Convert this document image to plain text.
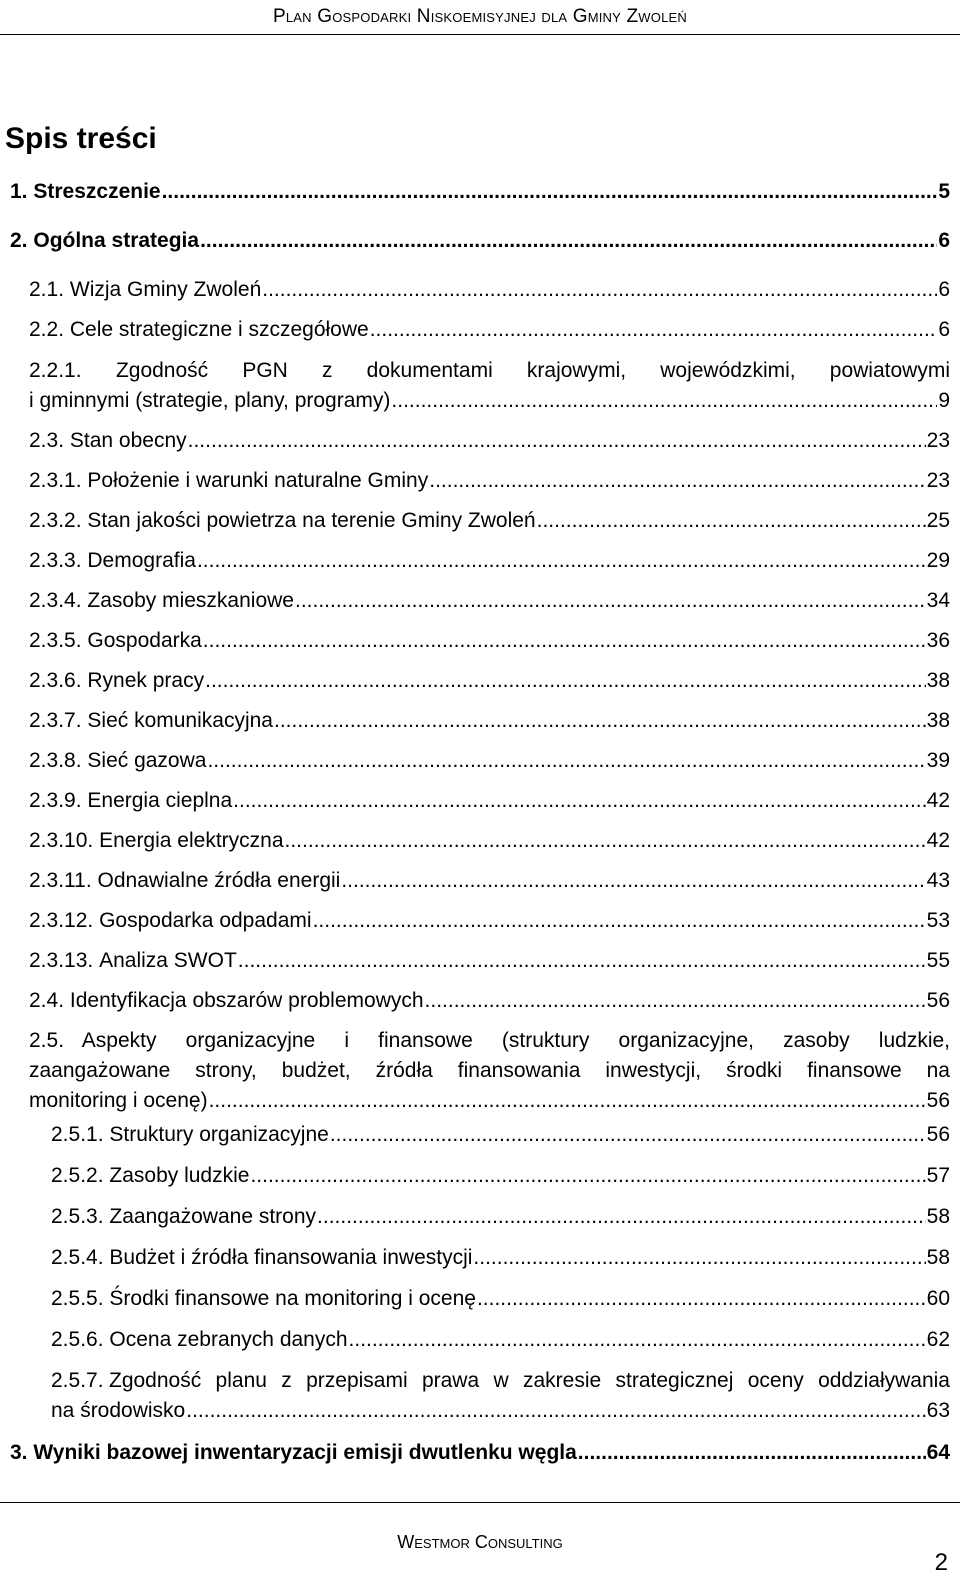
Plan Gospodarki Niskoemisyjnej dla Gminy Zwoleń
Spis treści
1.
Streszczenie .....	5
2.
Ogólna strategia .....	6
2.1.
Wizja Gminy Zwoleń .....	6
2.2.
Cele strategiczne i szczegółowe .....	6
2.2.1.	Zgodność PGN z dokumentami krajowymi, wojewódzkimi, powiatowymi
i gminnymi (strategie, plany, programy) .....	9
2.3.
Stan obecny .....	23
2.3.1.
Położenie i warunki naturalne Gminy .....	23
2.3.2.
Stan jakości powietrza na terenie Gminy Zwoleń .....	25
2.3.3.
Demografia .....	29
2.3.4.
Zasoby mieszkaniowe .....	34
2.3.5.
Gospodarka .....	36
2.3.6.
Rynek pracy .....	38
2.3.7.
Sieć komunikacyjna .....	38
2.3.8.
Sieć gazowa .....	39
2.3.9.
Energia cieplna .....	42
2.3.10.
Energia elektryczna .....	42
2.3.11.
Odnawialne źródła energii .....	43
2.3.12.
Gospodarka odpadami .....	53
2.3.13.
Analiza SWOT .....	55
2.4.
Identyfikacja obszarów problemowych .....	56
2.5. Aspekty organizacyjne i finansowe (struktury organizacyjne, zasoby ludzkie,
zaangażowane strony, budżet, źródła finansowania inwestycji, środki finansowe na
monitoring i ocenę) .....	56
2.5.1.
Struktury organizacyjne .....	56
2.5.2.
Zasoby ludzkie .....	57
2.5.3.
Zaangażowane strony .....	58
2.5.4.
Budżet i źródła finansowania inwestycji .....	58
2.5.5.
Środki finansowe na monitoring i ocenę .....	60
2.5.6.
Ocena zebranych danych .....	62
2.5.7. Zgodność planu z przepisami prawa w zakresie strategicznej oceny oddziaływania
na środowisko .....	63
3.
Wyniki bazowej inwentaryzacji emisji dwutlenku węgla .....	64
Westmor Consulting
2
